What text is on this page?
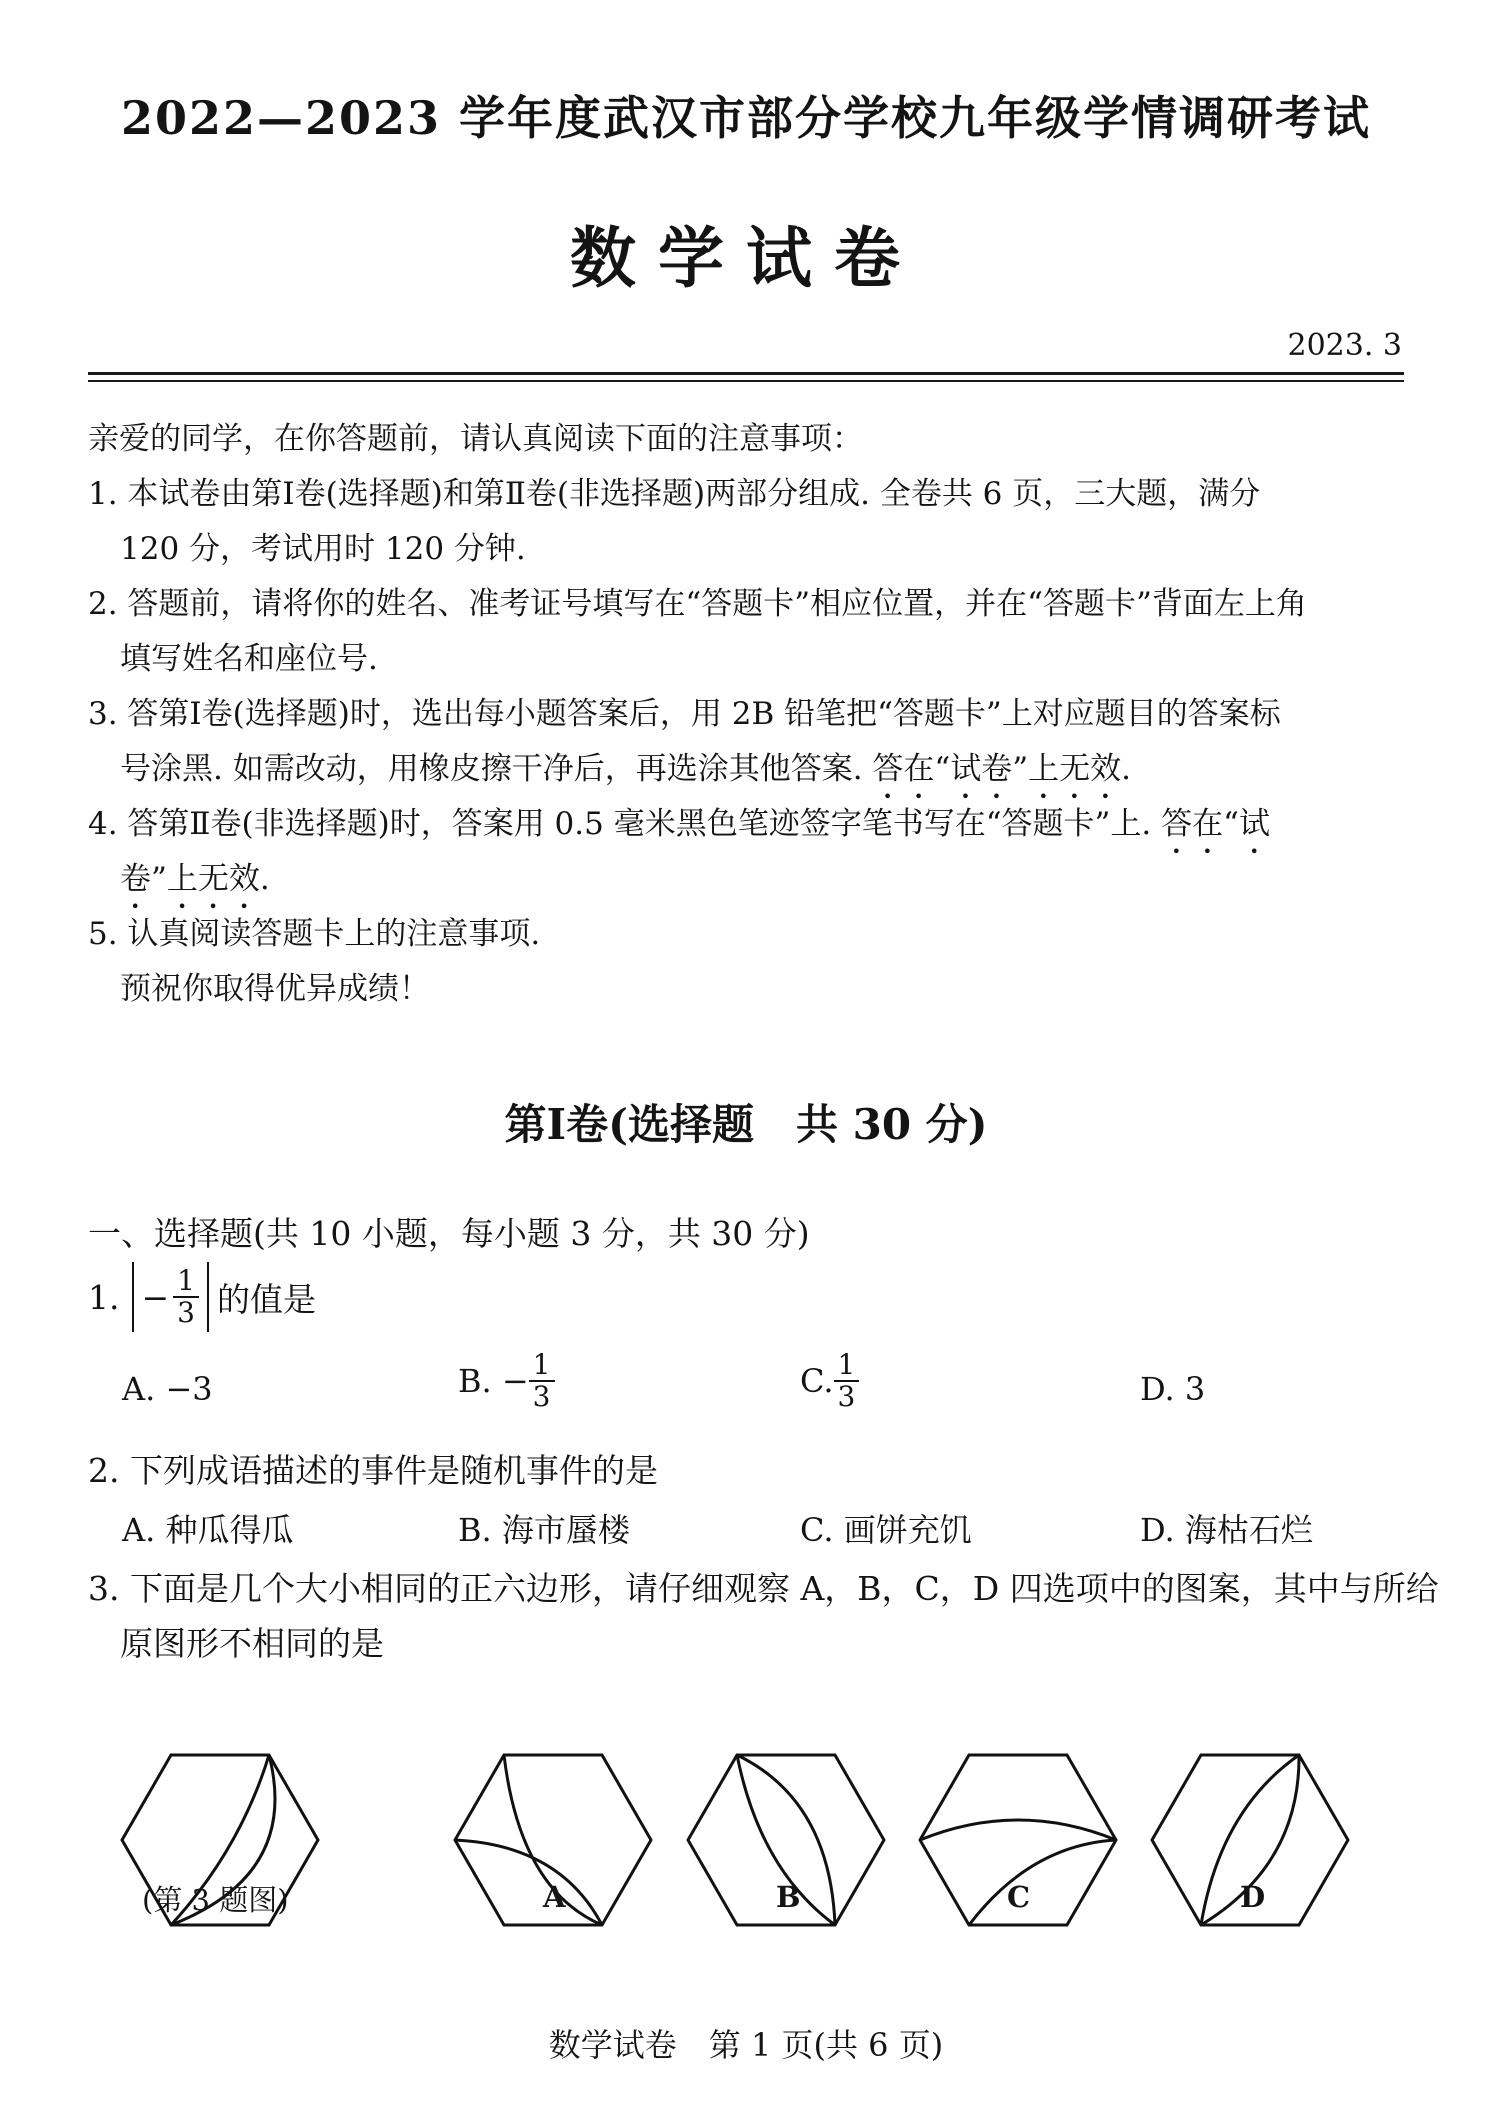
2022—2023 学年度武汉市部分学校九年级学情调研考试
数学试卷
2023. 3
亲爱的同学，在你答题前，请认真阅读下面的注意事项：
1. 本试卷由第Ⅰ卷(选择题)和第Ⅱ卷(非选择题)两部分组成. 全卷共 6 页，三大题，满分
120 分，考试用时 120 分钟.
2. 答题前，请将你的姓名、准考证号填写在“答题卡”相应位置，并在“答题卡”背面左上角
填写姓名和座位号.
3. 答第Ⅰ卷(选择题)时，选出每小题答案后，用 2B 铅笔把“答题卡”上对应题目的答案标
号涂黑. 如需改动，用橡皮擦干净后，再选涂其他答案. 答在“试卷”上无效.
4. 答第Ⅱ卷(非选择题)时，答案用 0.5 毫米黑色笔迹签字笔书写在“答题卡”上. 答在“试
卷”上无效.
5. 认真阅读答题卡上的注意事项.
预祝你取得优异成绩！
第Ⅰ卷(选择题　共 30 分)
一、选择题(共 10 小题，每小题 3 分，共 30 分)
1. − $\frac{1}{3}$ 的值是
A. −3	B. − $\frac{1}{3}$	C. $\frac{1}{3}$	D. 3
2. 下列成语描述的事件是随机事件的是
A. 种瓜得瓜	B. 海市蜃楼	C. 画饼充饥	D. 海枯石烂
3. 下面是几个大小相同的正六边形，请仔细观察 A，B，C，D 四选项中的图案，其中与所给
原图形不相同的是
(第 3 题图)	A	B	C	D
数学试卷　第 1 页(共 6 页)
